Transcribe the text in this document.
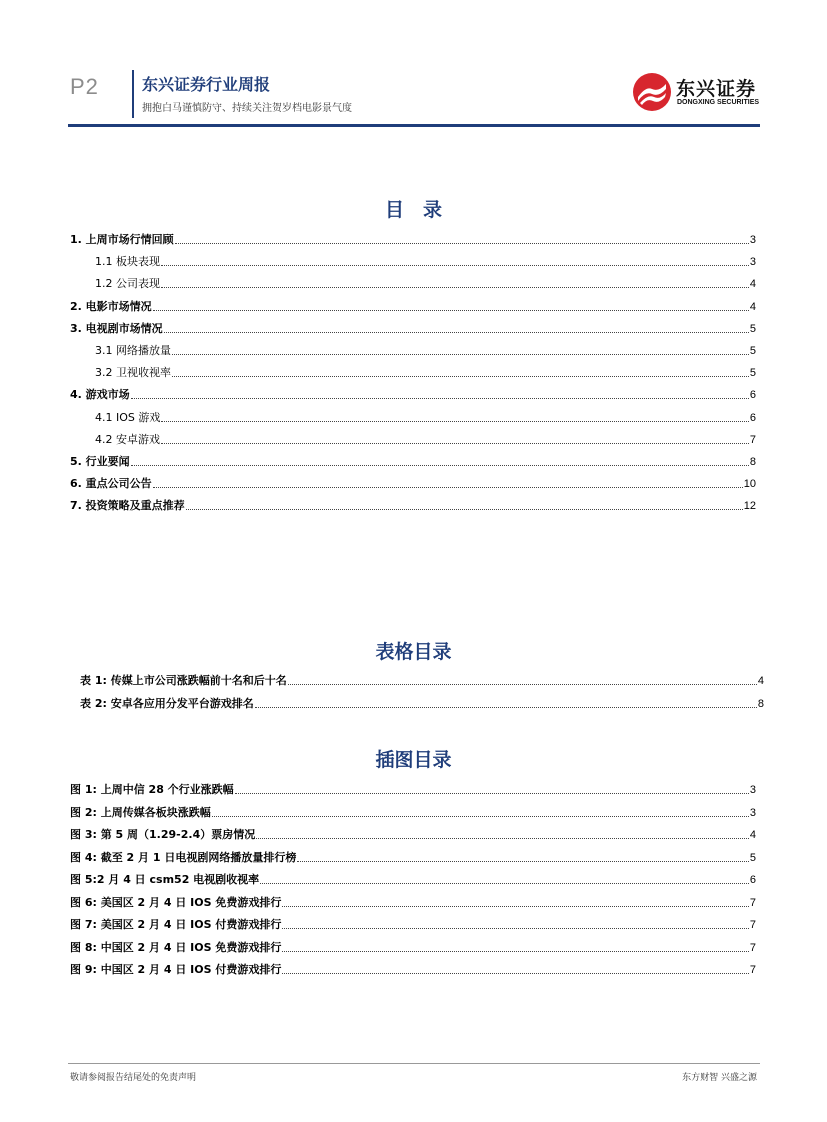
P2	东兴证券行业周报
拥抱白马谨慎防守、持续关注贺岁档电影景气度
东兴证券
DONGXING SECURITIES
目　录
1. 上周市场行情回顾	3
1.1 板块表现	3
1.2 公司表现	4
2. 电影市场情况	4
3. 电视剧市场情况	5
3.1 网络播放量	5
3.2 卫视收视率	5
4. 游戏市场	6
4.1 IOS 游戏	6
4.2 安卓游戏	7
5. 行业要闻	8
6. 重点公司公告	10
7. 投资策略及重点推荐	12
表格目录
表 1: 传媒上市公司涨跌幅前十名和后十名	4
表 2: 安卓各应用分发平台游戏排名	8
插图目录
图 1: 上周中信 28 个行业涨跌幅	3
图 2: 上周传媒各板块涨跌幅	3
图 3: 第 5 周（1.29-2.4）票房情况	4
图 4: 截至 2 月 1 日电视剧网络播放量排行榜	5
图 5:2 月 4 日 csm52 电视剧收视率	6
图 6: 美国区 2 月 4 日 IOS 免费游戏排行	7
图 7: 美国区 2 月 4 日 IOS 付费游戏排行	7
图 8: 中国区 2 月 4 日 IOS 免费游戏排行	7
图 9: 中国区 2 月 4 日 IOS 付费游戏排行	7
敬请参阅报告结尾处的免责声明	东方财智 兴盛之源
